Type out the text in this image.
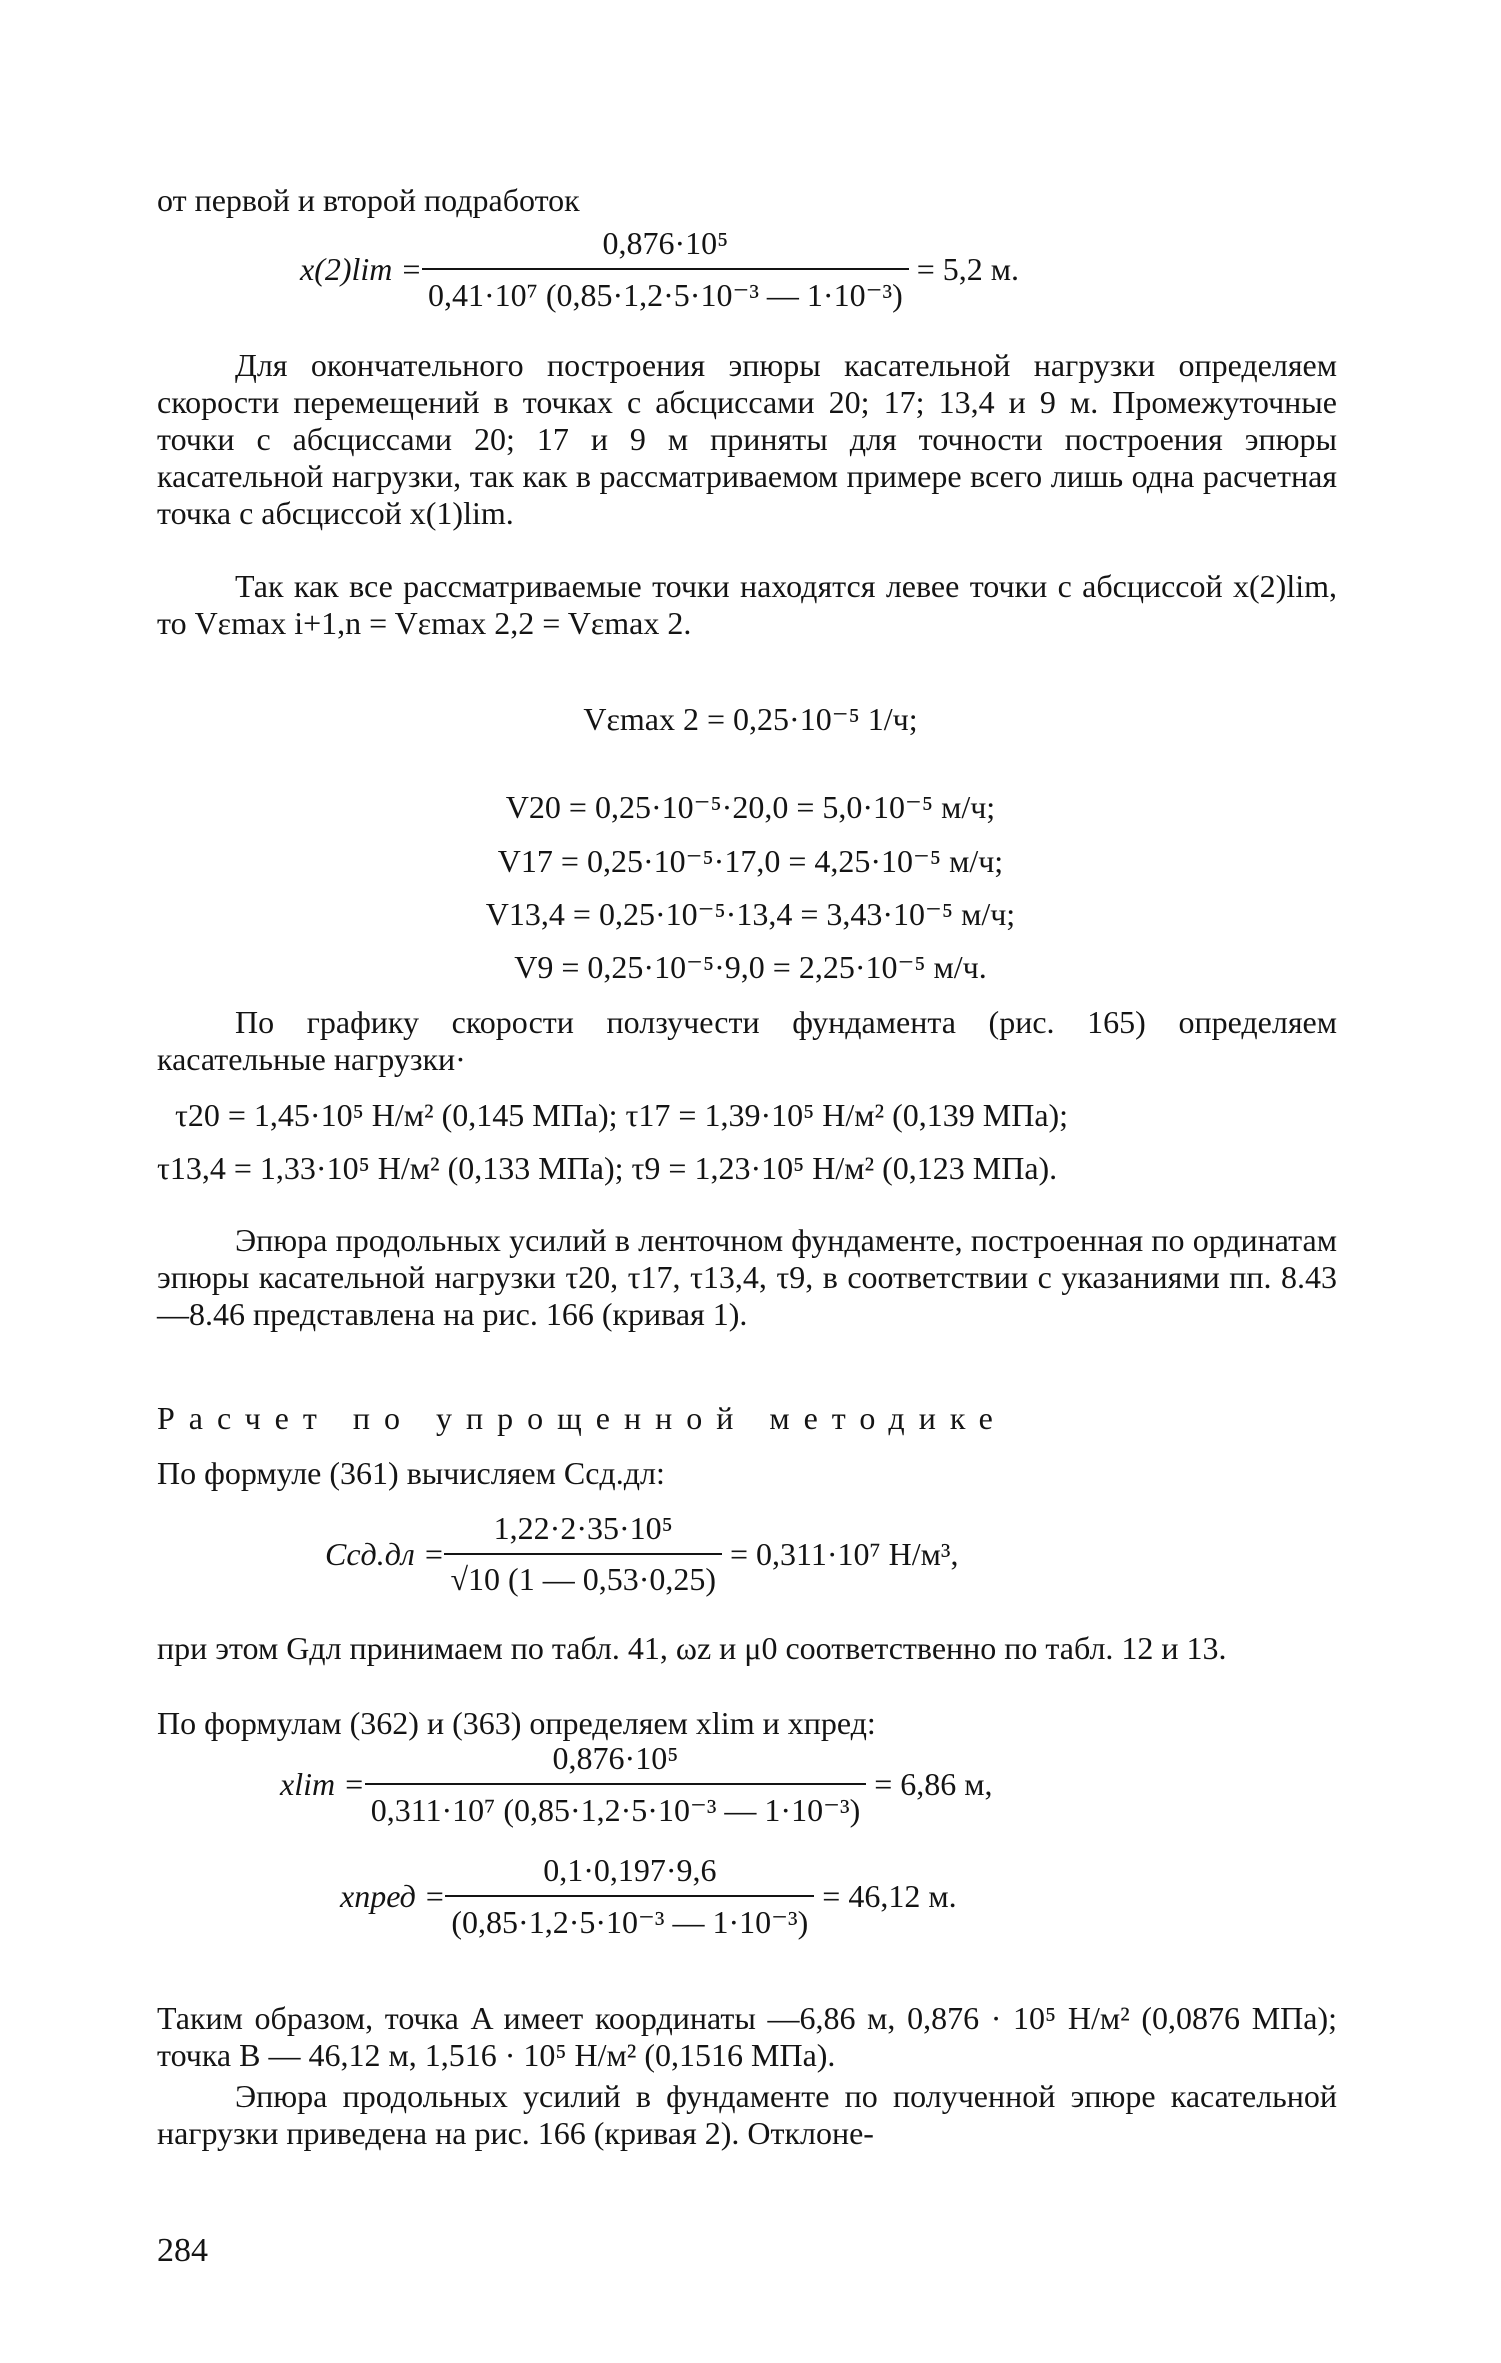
от первой и второй подработок
$x(2)\lim = \frac{\text{0,876·10⁵}}{\text{0,41·10⁷ (0,85·1,2·5·10⁻³ — 1·10⁻³)}} = 5,2$ м.

Для окончательного построения эпюры касательной нагрузки определяем скорости перемещений в точках с абсциссами 20; 17; 13,4 и 9 м. Промежуточные точки с абсциссами 20; 17 и 9 м приняты для точности построения эпюры касательной нагрузки, так как в рассматриваемом примере всего лишь одна расчетная точка с абсциссой x(1)lim.

Так как все рассматриваемые точки находятся левее точки с абсциссой x(2)lim, то Vεmax i+1,n = Vεmax 2,2 = Vεmax 2.

Vεmax 2 = 0,25·10⁻⁵ 1/ч;
V20 = 0,25·10⁻⁵·20,0 = 5,0·10⁻⁵ м/ч;
V17 = 0,25·10⁻⁵·17,0 = 4,25·10⁻⁵ м/ч;
V13,4 = 0,25·10⁻⁵·13,4 = 3,43·10⁻⁵ м/ч;
V9 = 0,25·10⁻⁵·9,0 = 2,25·10⁻⁵ м/ч.

По графику скорости ползучести фундамента (рис. 165) определяем касательные нагрузки·

τ20 = 1,45·10⁵ Н/м² (0,145 МПа); τ17 = 1,39·10⁵ Н/м² (0,139 МПа);
τ13,4 = 1,33·10⁵ Н/м² (0,133 МПа); τ9 = 1,23·10⁵ Н/м² (0,123 МПа).

Эпюра продольных усилий в ленточном фундаменте, построенная по ординатам эпюры касательной нагрузки τ20, τ17, τ13,4, τ9, в соответствии с указаниями пп. 8.43—8.46 представлена на рис. 166 (кривая 1).

Расчет по упрощенной методике
По формуле (361) вычисляем Cсд.дл:
$Cсд.дл = \frac{\text{1,22·2·35·10⁵}}{√10 (1 — 0,53\cdot 0,25)} = 0,311\cdot 10^7$ Н/м³,

при этом Gдл принимаем по табл. 41, ωz и μ0 соответственно по табл. 12 и 13.

По формулам (362) и (363) определяем xlim и xпред:
$xlim = \frac{\text{0,876·10⁵}}{\text{0,311·10⁷ (0,85·1,2·5·10⁻³ — 1·10⁻³)}} = 6,86$ м,
xпред = $\frac{0,1\cdot 0,197\cdot 9,6}{\text{(0,85·1,2·5·10⁻³ — 1·10⁻³)}} = 46,12$ м.

Таким образом, точка A имеет координаты —6,86 м, 0,876 · 10⁵ Н/м² (0,0876 МПа); точка B — 46,12 м, 1,516 · 10⁵ Н/м² (0,1516 МПа).

Эпюра продольных усилий в фундаменте по полученной эпюре касательной нагрузки приведена на рис. 166 (кривая 2). Отклоне-

284
